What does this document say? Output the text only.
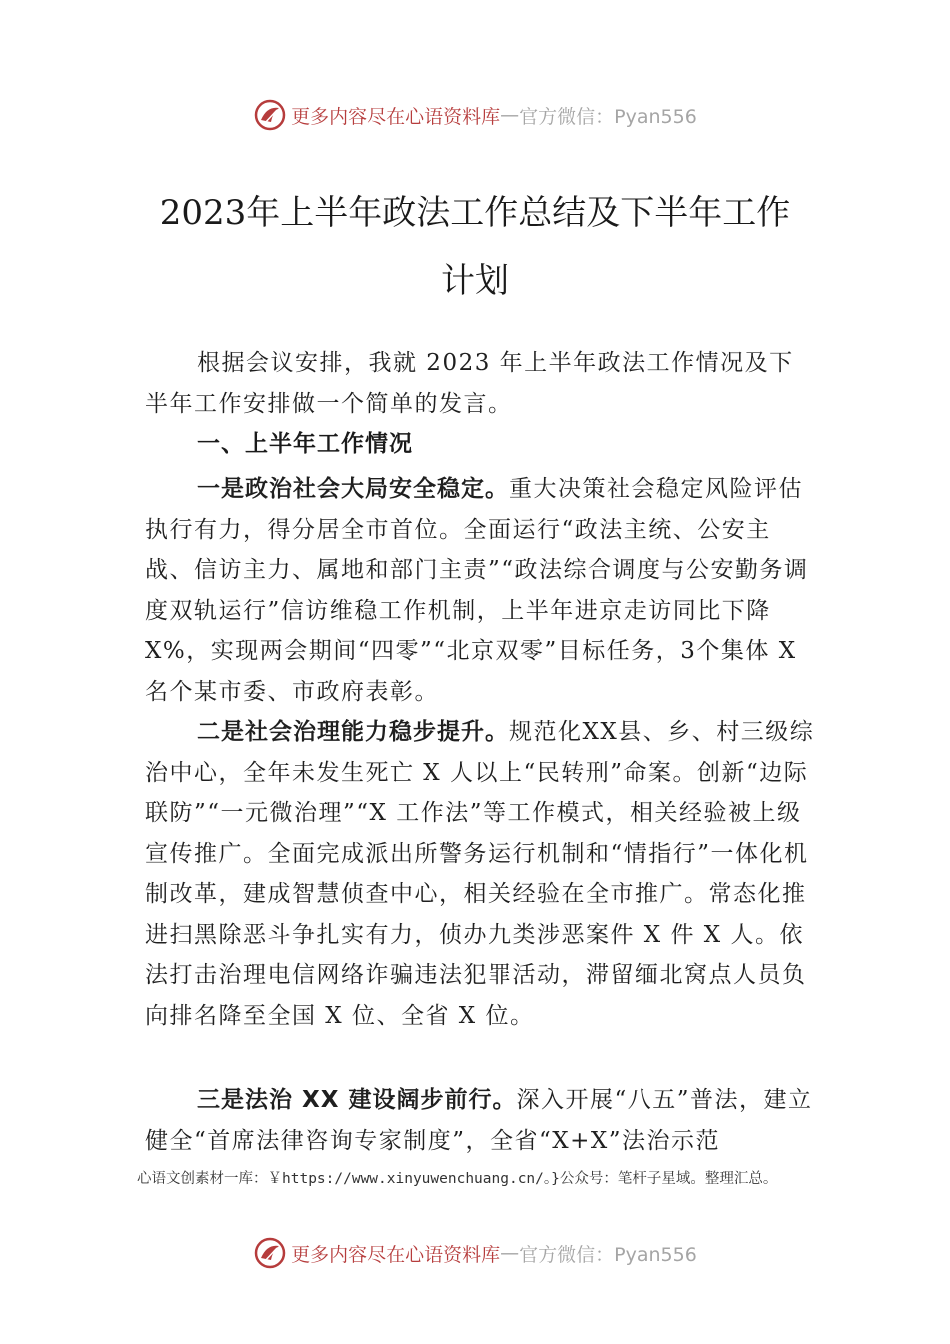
更多内容尽在心语资料库 — 官方微信：Pyan556
2023年上半年政法工作总结及下半年工作
计划

根据会议安排，我就 2023 年上半年政法工作情况及下半年工作安排做一个简单的发言。

一、上半年工作情况

一是政治社会大局安全稳定。重大决策社会稳定风险评估执行有力，得分居全市首位。全面运行“政法主统、公安主战、信访主力、属地和部门主责”“政法综合调度与公安勤务调度双轨运行”信访维稳工作机制，上半年进京走访同比下降 X%，实现两会期间“四零”“北京双零”目标任务，3个集体 X 名个某市委、市政府表彰。

二是社会治理能力稳步提升。规范化XX县、乡、村三级综治中心，全年未发生死亡 X 人以上“民转刑”命案。创新“边际联防”“一元微治理”“X 工作法”等工作模式，相关经验被上级宣传推广。全面完成派出所警务运行机制和“情指行”一体化机制改革，建成智慧侦查中心，相关经验在全市推广。常态化推进扫黑除恶斗争扎实有力，侦办九类涉恶案件 X 件 X 人。依法打击治理电信网络诈骗违法犯罪活动，滞留缅北窝点人员负向排名降至全国 X 位、全省 X 位。

三是法治 XX 建设阔步前行。深入开展“八五”普法，建立健全“首席法律咨询专家制度”，全省“X+X”法治示范

心语文创素材一库：￥https://www.xinyuwenchuang.cn/。}公众号：笔杆子星域。整理汇总。
更多内容尽在心语资料库 — 官方微信：Pyan556
